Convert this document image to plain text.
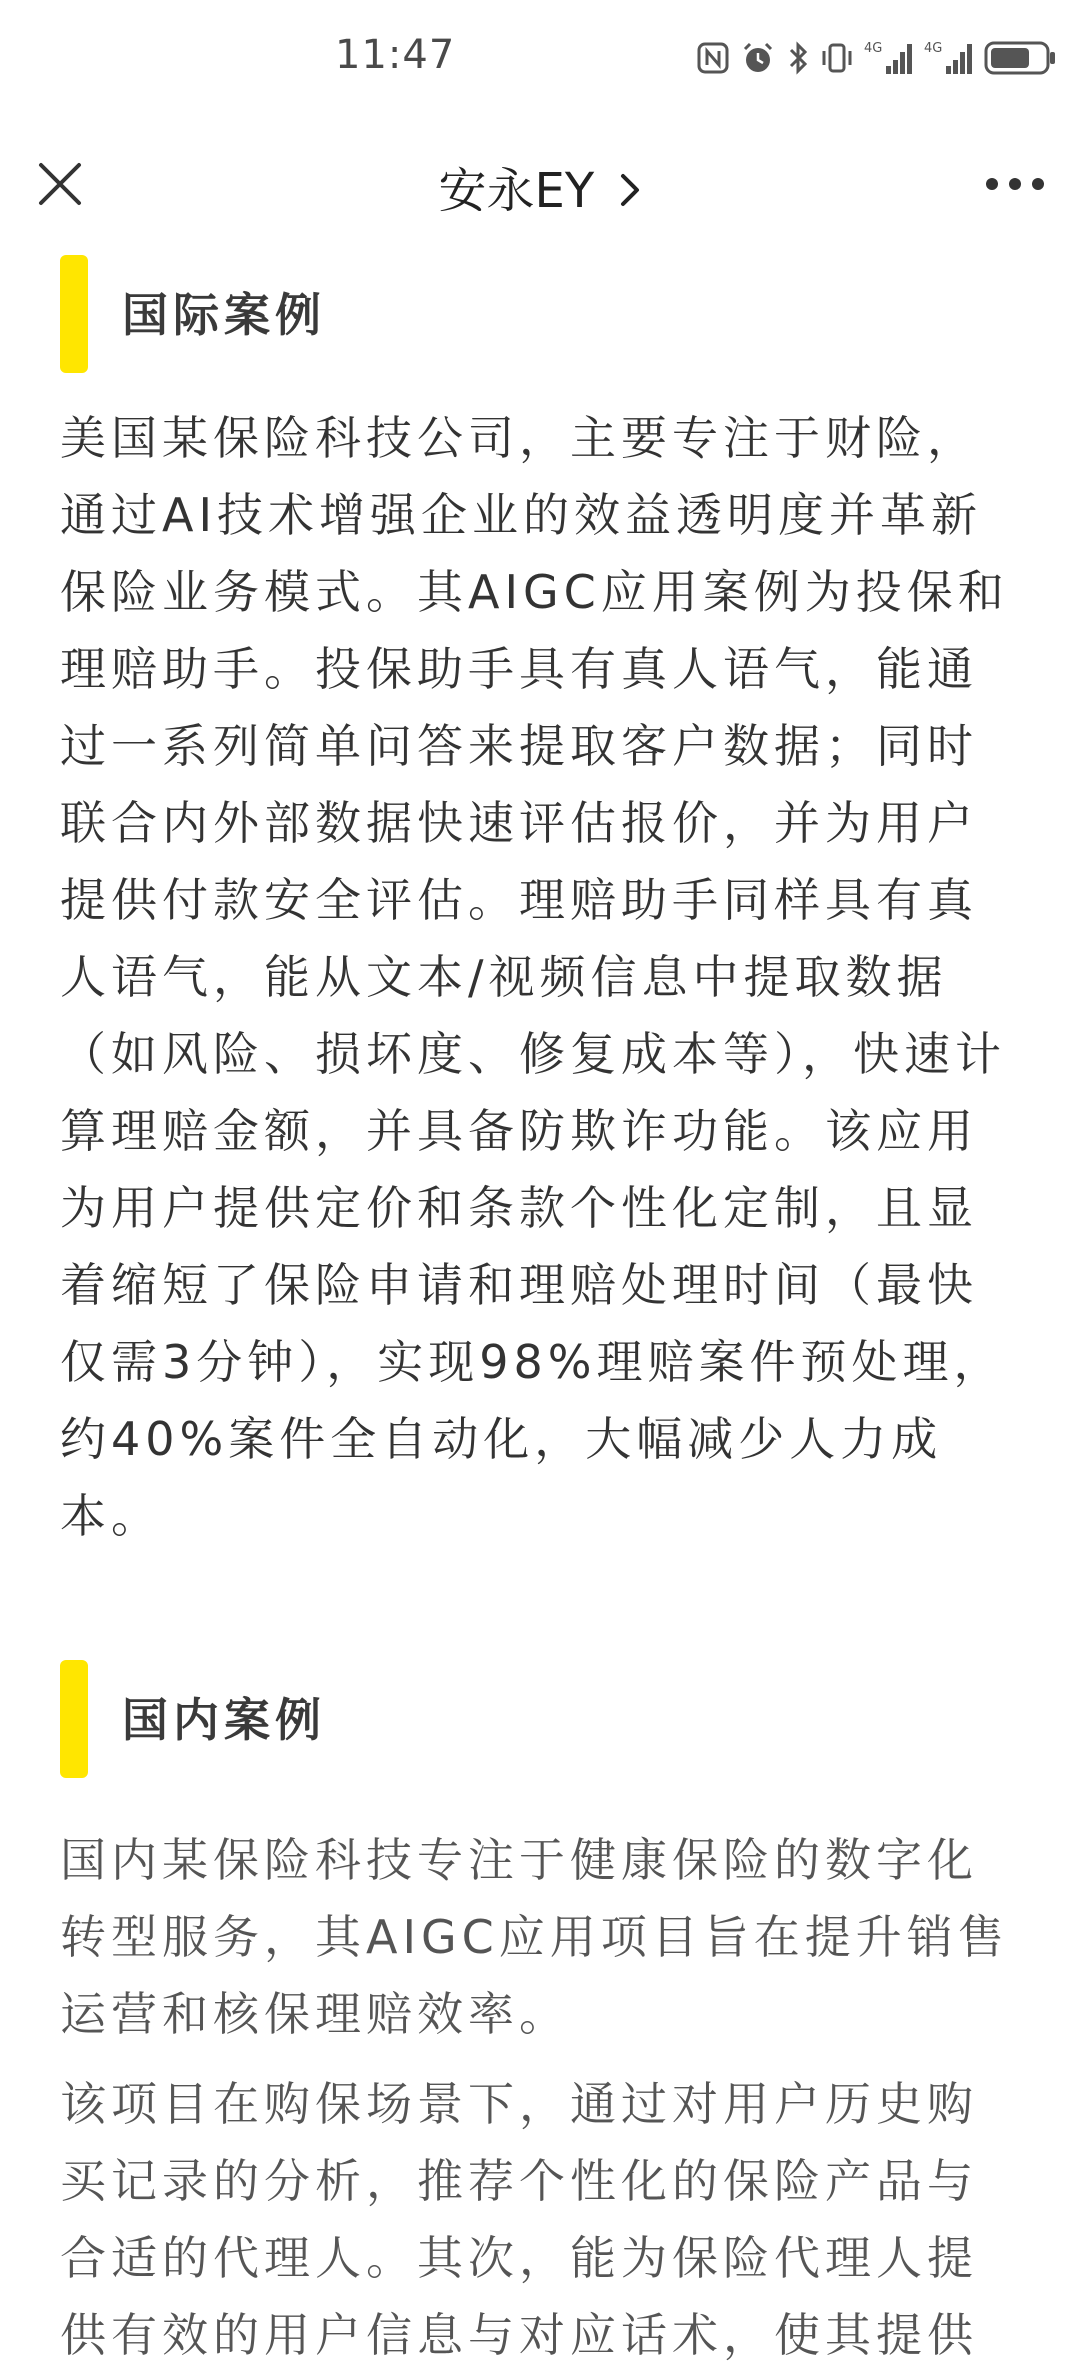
11:47	4G	4G
安永EY
国际案例

美国某保险科技公司，主要专注于财险，通过AI技术增强企业的效益透明度并革新保险业务模式。其AIGC应用案例为投保和理赔助手。投保助手具有真人语气，能通过一系列简单问答来提取客户数据；同时联合内外部数据快速评估报价，并为用户提供付款安全评估。理赔助手同样具有真人语气，能从文本/视频信息中提取数据（如风险、损坏度、修复成本等），快速计算理赔金额，并具备防欺诈功能。该应用为用户提供定价和条款个性化定制，且显着缩短了保险申请和理赔处理时间（最快仅需3分钟），实现98%理赔案件预处理，约40%案件全自动化，大幅减少人力成本。

国内案例

国内某保险科技专注于健康保险的数字化转型服务，其AIGC应用项目旨在提升销售运营和核保理赔效率。

该项目在购保场景下，通过对用户历史购买记录的分析，推荐个性化的保险产品与合适的代理人。其次，能为保险代理人提供有效的用户信息与对应话术，使其提供
